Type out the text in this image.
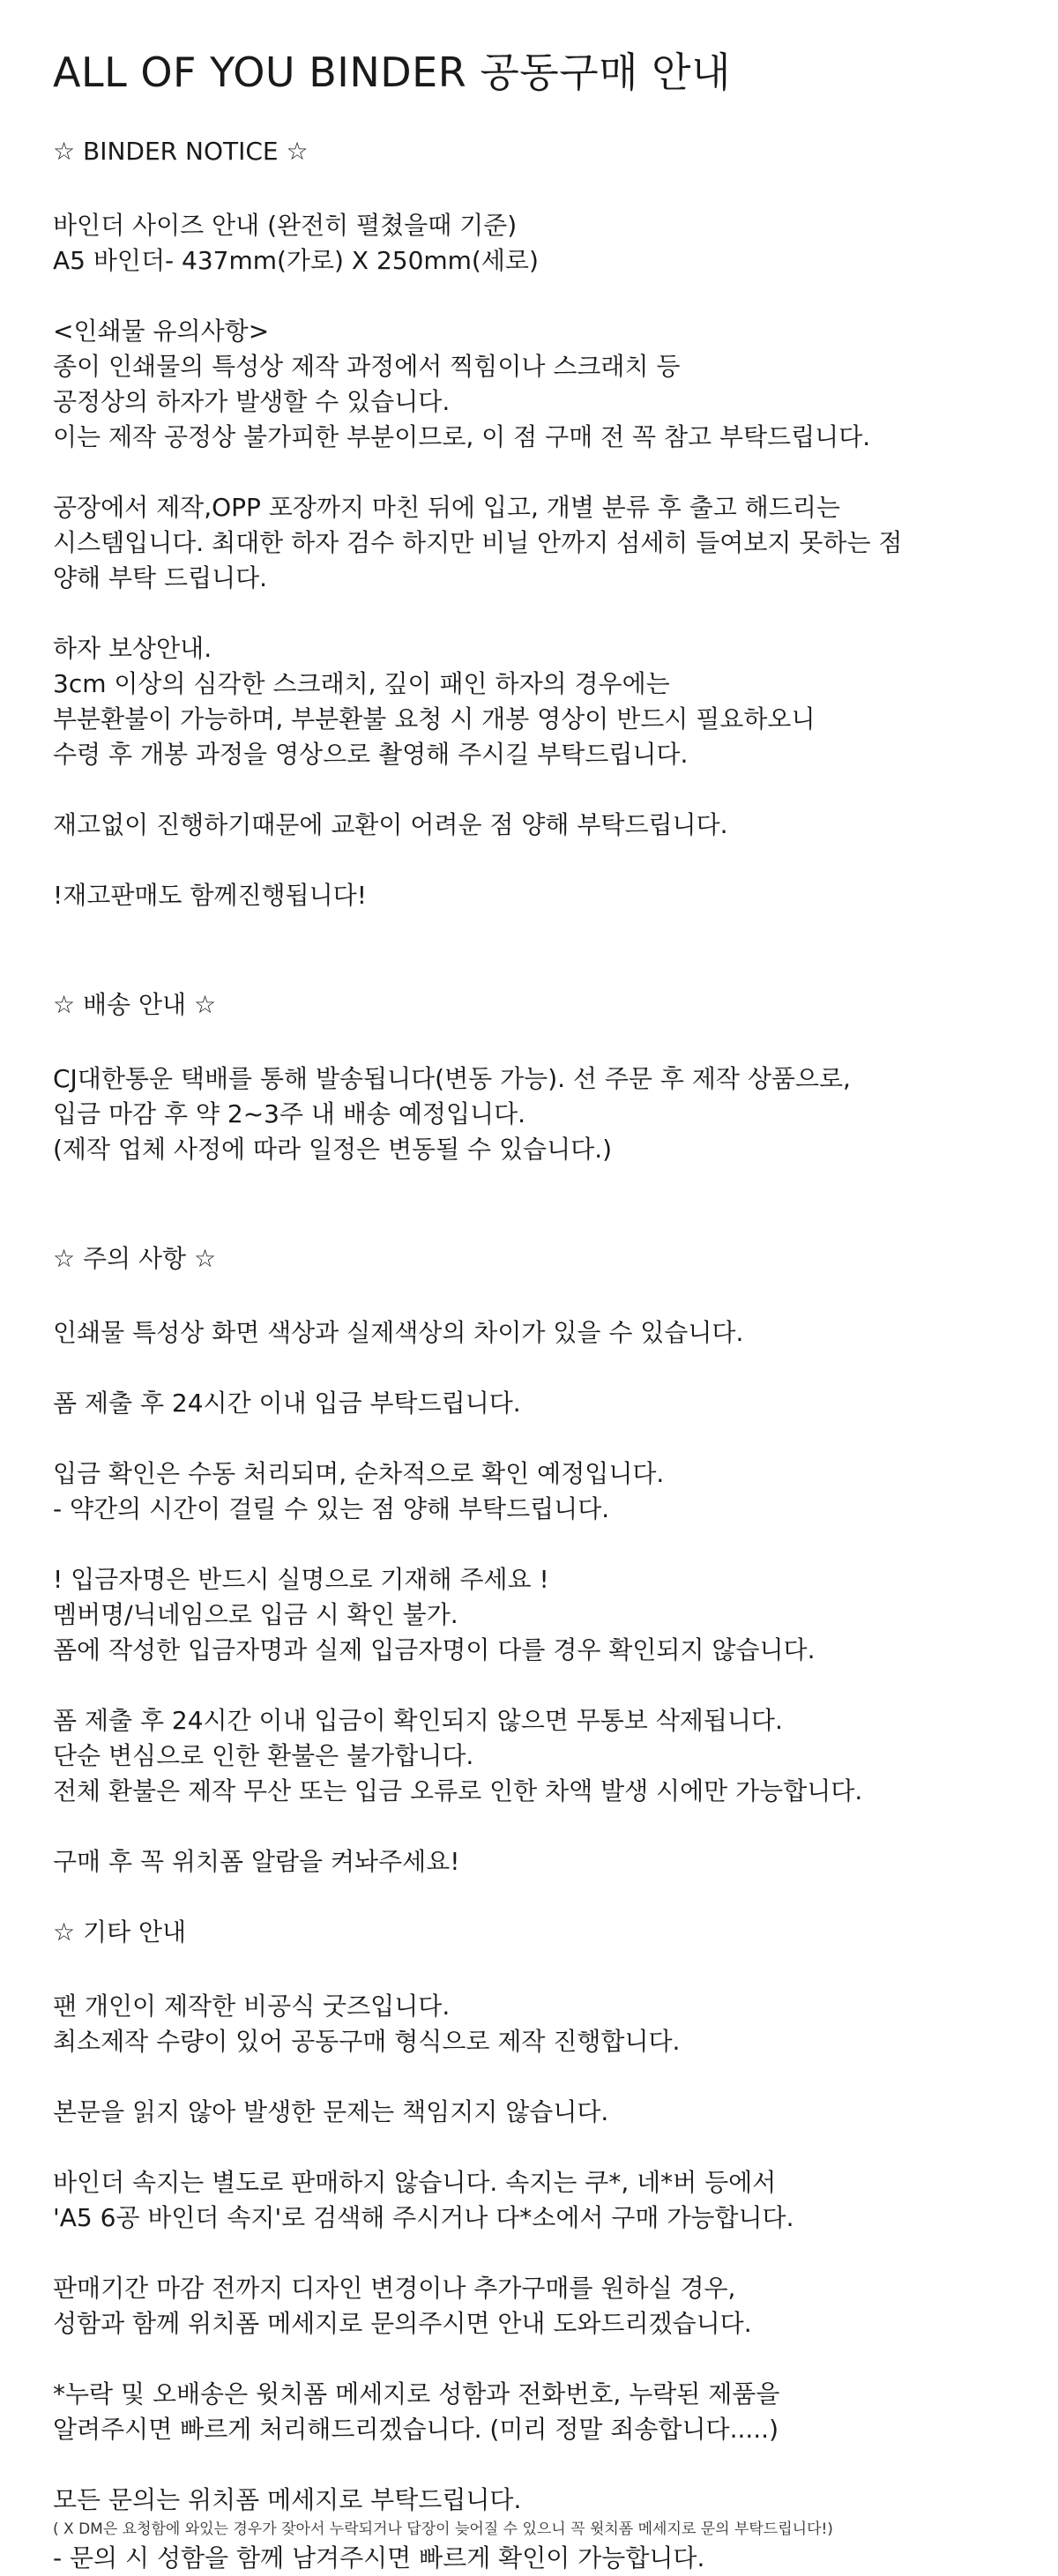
ALL OF YOU BINDER 공동구매 안내
☆ BINDER NOTICE ☆
바인더 사이즈 안내 (완전히 펼쳤을때 기준)
A5 바인더- 437mm(가로) X 250mm(세로)
<인쇄물 유의사항>
종이 인쇄물의 특성상 제작 과정에서 찍힘이나 스크래치 등
공정상의 하자가 발생할 수 있습니다.
이는 제작 공정상 불가피한 부분이므로, 이 점 구매 전 꼭 참고 부탁드립니다.
공장에서 제작,OPP 포장까지 마친 뒤에 입고, 개별 분류 후 출고 해드리는
시스템입니다. 최대한 하자 검수 하지만 비닐 안까지 섬세히 들여보지 못하는 점
양해 부탁 드립니다.
하자 보상안내.
3cm 이상의 심각한 스크래치, 깊이 패인 하자의 경우에는
부분환불이 가능하며, 부분환불 요청 시 개봉 영상이 반드시 필요하오니
수령 후 개봉 과정을 영상으로 촬영해 주시길 부탁드립니다.
재고없이 진행하기때문에 교환이 어려운 점 양해 부탁드립니다.
!재고판매도 함께진행됩니다!
☆ 배송 안내 ☆
CJ대한통운 택배를 통해 발송됩니다(변동 가능). 선 주문 후 제작 상품으로,
입금 마감 후 약 2~3주 내 배송 예정입니다.
(제작 업체 사정에 따라 일정은 변동될 수 있습니다.)
☆ 주의 사항 ☆
인쇄물 특성상 화면 색상과 실제색상의 차이가 있을 수 있습니다.
폼 제출 후 24시간 이내 입금 부탁드립니다.
입금 확인은 수동 처리되며, 순차적으로 확인 예정입니다.
- 약간의 시간이 걸릴 수 있는 점 양해 부탁드립니다.
! 입금자명은 반드시 실명으로 기재해 주세요 !
멤버명/닉네임으로 입금 시 확인 불가.
폼에 작성한 입금자명과 실제 입금자명이 다를 경우 확인되지 않습니다.
폼 제출 후 24시간 이내 입금이 확인되지 않으면 무통보 삭제됩니다.
단순 변심으로 인한 환불은 불가합니다.
전체 환불은 제작 무산 또는 입금 오류로 인한 차액 발생 시에만 가능합니다.
구매 후 꼭 위치폼 알람을 켜놔주세요!
☆ 기타 안내
팬 개인이 제작한 비공식 굿즈입니다.
최소제작 수량이 있어 공동구매 형식으로 제작 진행합니다.
본문을 읽지 않아 발생한 문제는 책임지지 않습니다.
바인더 속지는 별도로 판매하지 않습니다. 속지는 쿠*, 네*버 등에서
'A5 6공 바인더 속지'로 검색해 주시거나 다*소에서 구매 가능합니다.
판매기간 마감 전까지 디자인 변경이나 추가구매를 원하실 경우,
성함과 함께 위치폼 메세지로 문의주시면 안내 도와드리겠습니다.
*누락 및 오배송은 윗치폼 메세지로 성함과 전화번호, 누락된 제품을
알려주시면 빠르게 처리해드리겠습니다. (미리 정말 죄송합니다.....)
모든 문의는 위치폼 메세지로 부탁드립니다.
( X DM은 요청함에 와있는 경우가 잦아서 누락되거나 답장이 늦어질 수 있으니 꼭 윗치폼 메세지로 문의 부탁드립니다!)
- 문의 시 성함을 함께 남겨주시면 빠르게 확인이 가능합니다.
